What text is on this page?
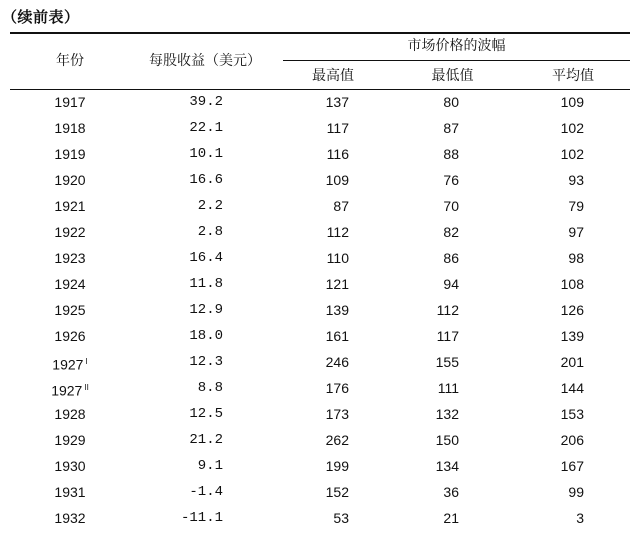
（续前表）
年份	每股收益（美元）
市场价格的波幅
最高值	最低值	平均值
1917	39.2	137	80	109
1918	22.1	117	87	102
1919	10.1	116	88	102
1920	16.6	109	76	93
1921	2.2	87	70	79
1922	2.8	112	82	97
1923	16.4	110	86	98
1924	11.8	121	94	108
1925	12.9	139	112	126
1926	18.0	161	117	139
1927 $^I$	12.3	246	155	201
1927 $^{II}$	8.8	176	111	144
1928	12.5	173	132	153
1929	21.2	262	150	206
1930	9.1	199	134	167
1931	-1.4	152	36	99
1932	-11.1	53	21	3
